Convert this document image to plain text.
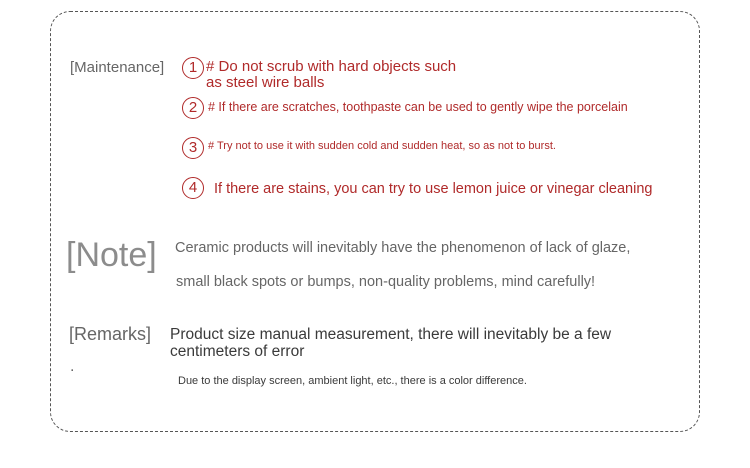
[Maintenance]	1 # Do not scrub with hard objects such
as steel wire balls
2 # If there are scratches, toothpaste can be used to gently wipe the porcelain
3 # Try not to use it with sudden cold and sudden heat, so as not to burst.
4	If there are stains, you can try to use lemon juice or vinegar cleaning
[Note] Ceramic products will inevitably have the phenomenon of lack of glaze,
small black spots or bumps, non-quality problems, mind carefully!
[Remarks] Product size manual measurement, there will inevitably be a few
centimeters of error
.
Due to the display screen, ambient light, etc., there is a color difference.
